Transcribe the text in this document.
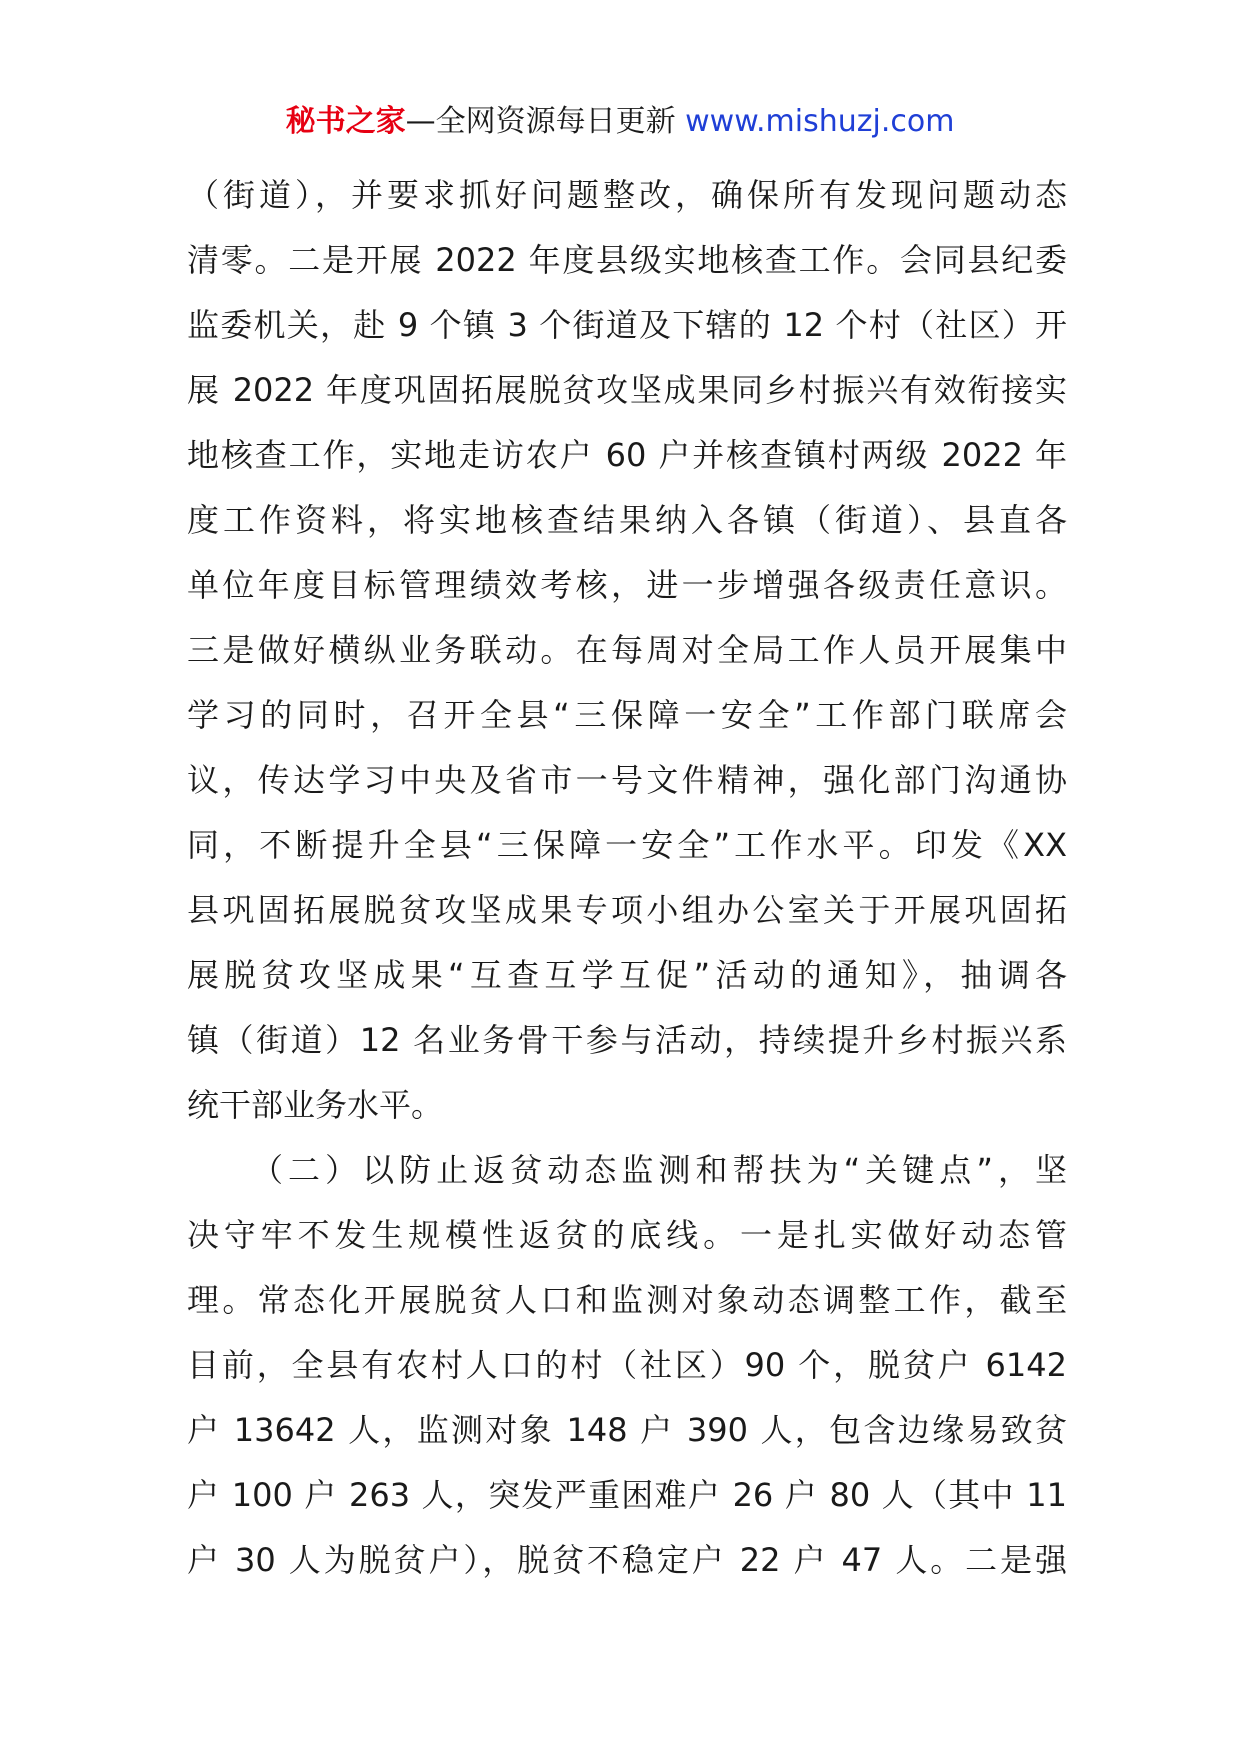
秘书之家—全网资源每日更新 www.mishuzj.com
（街道），并要求抓好问题整改，确保所有发现问题动态
清零。二是开展 2022 年度县级实地核查工作。会同县纪委
监委机关，赴 9 个镇 3 个街道及下辖的 12 个村（社区）开
展 2022 年度巩固拓展脱贫攻坚成果同乡村振兴有效衔接实
地核查工作，实地走访农户 60 户并核查镇村两级 2022 年
度工作资料，将实地核查结果纳入各镇（街道）、县直各
单位年度目标管理绩效考核，进一步增强各级责任意识。
三是做好横纵业务联动。在每周对全局工作人员开展集中
学习的同时，召开全县“三保障一安全”工作部门联席会
议，传达学习中央及省市一号文件精神，强化部门沟通协
同，不断提升全县“三保障一安全”工作水平。印发《XX
县巩固拓展脱贫攻坚成果专项小组办公室关于开展巩固拓
展脱贫攻坚成果“互查互学互促”活动的通知》，抽调各
镇（街道）12 名业务骨干参与活动，持续提升乡村振兴系
统干部业务水平。
（二）以防止返贫动态监测和帮扶为“关键点”，坚
决守牢不发生规模性返贫的底线。一是扎实做好动态管
理。常态化开展脱贫人口和监测对象动态调整工作，截至
目前，全县有农村人口的村（社区）90 个，脱贫户 6142
户 13642 人，监测对象 148 户 390 人，包含边缘易致贫
户 100 户 263 人，突发严重困难户 26 户 80 人（其中 11
户 30 人为脱贫户），脱贫不稳定户 22 户 47 人。二是强
